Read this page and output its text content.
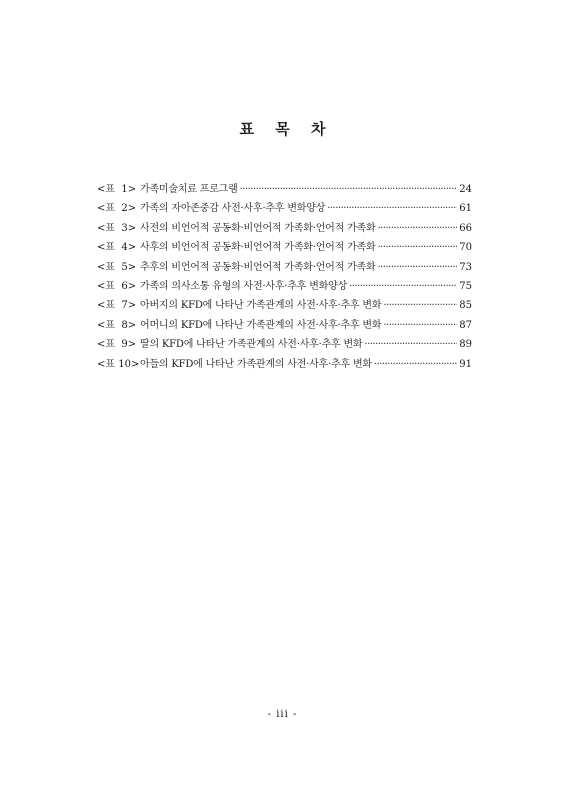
표 목 차
<표  1> 가족미술치료 프로그램 ·····	24
<표  2> 가족의 자아존중감 사전·사후·추후 변화양상 ·····	61
<표  3> 사전의 비언어적 공동화·비언어적 가족화·언어적 가족화 ·····	66
<표  4> 사후의 비언어적 공동화·비언어적 가족화·언어적 가족화 ·····	70
<표  5> 추후의 비언어적 공동화·비언어적 가족화·언어적 가족화 ·····	73
<표  6> 가족의 의사소통 유형의 사전·사후·추후 변화양상 ·····	75
<표  7> 아버지의 KFD에 나타난 가족관계의 사전·사후·추후 변화 ·····	85
<표  8> 어머니의 KFD에 나타난 가족관계의 사전·사후·추후 변화 ·····	87
<표  9> 딸의 KFD에 나타난 가족관계의 사전·사후·추후 변화 ·····	89
<표 10> 아들의 KFD에 나타난 가족관계의 사전·사후·추후 변화 ·····	91
- iii -
